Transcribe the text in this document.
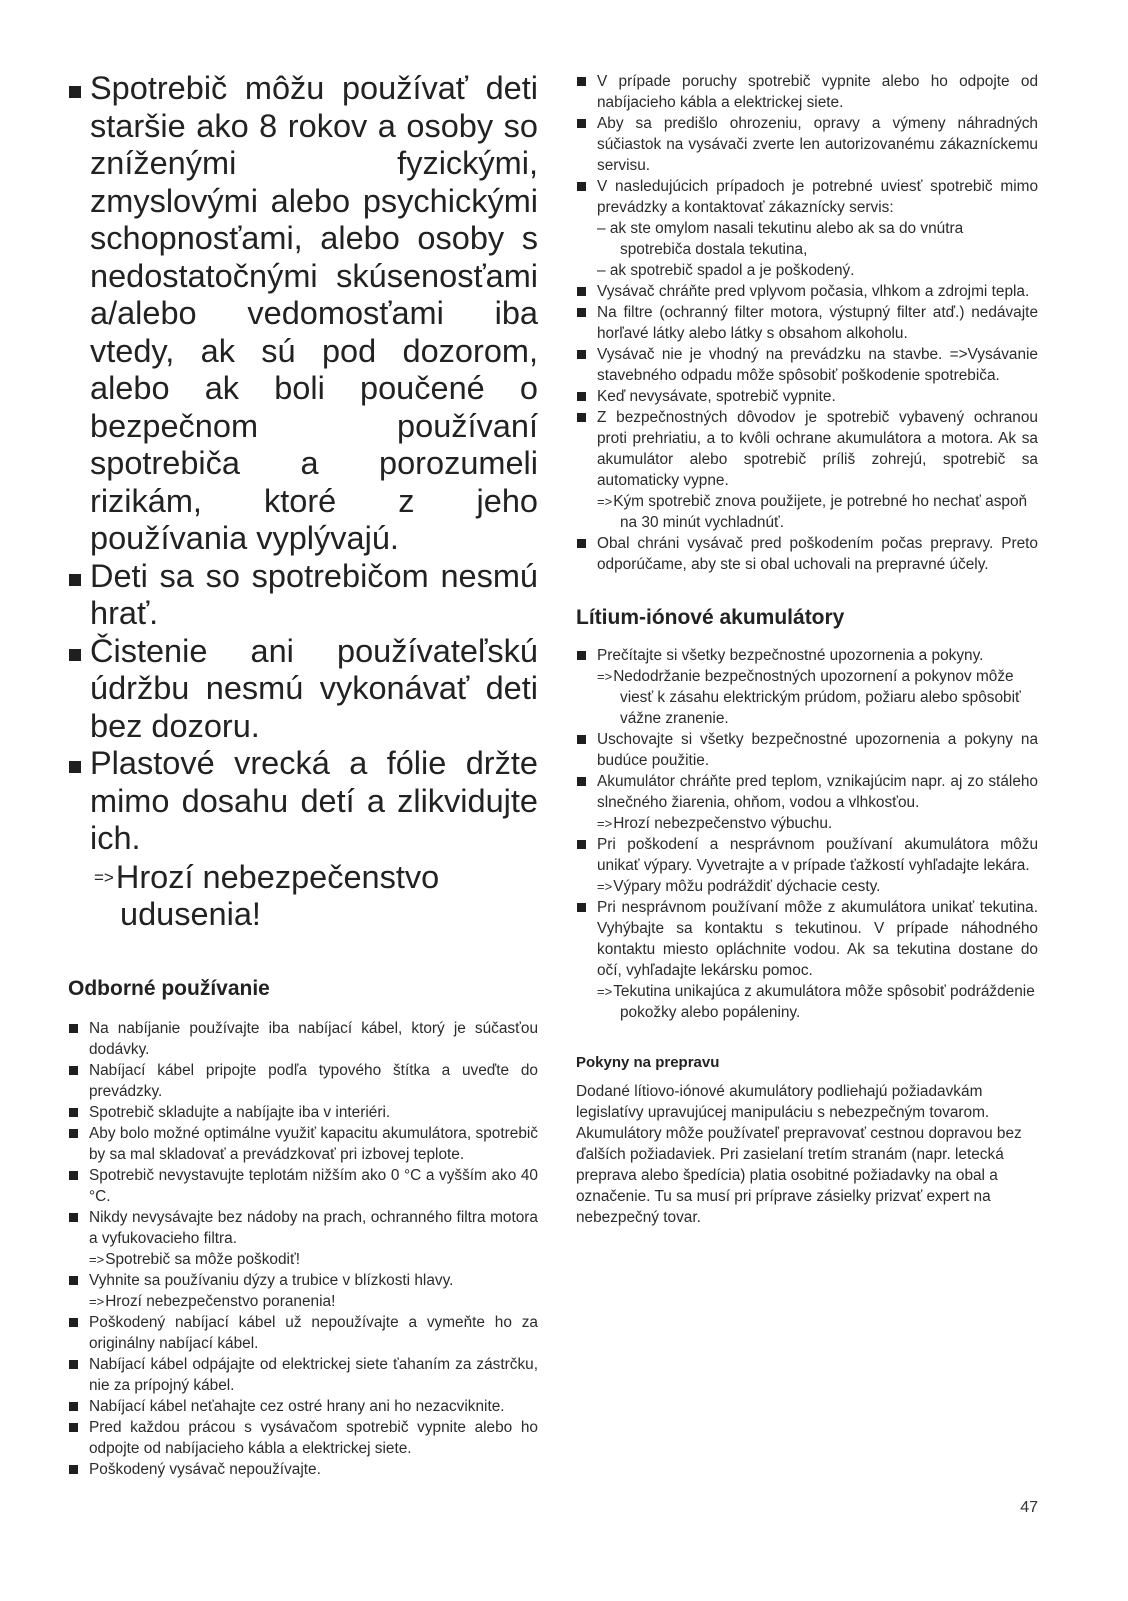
Spotrebič môžu používať deti staršie ako 8 rokov a osoby so zníženými fyzickými, zmyslovými alebo psychickými schopnosťami, alebo osoby s nedostatočnými skúsenosťami a/alebo vedomosťami iba vtedy, ak sú pod dozorom, alebo ak boli poučené o bezpečnom používaní spotrebiča a porozumeli rizikám, ktoré z jeho používania vyplývajú.
Deti sa so spotrebičom nesmú hrať.
Čistenie ani používateľskú údržbu nesmú vykonávať deti bez dozoru.
Plastové vrecká a fólie držte mimo dosahu detí a zlikvidujte ich.
=>Hrozí nebezpečenstvo udusenia!
Odborné používanie
Na nabíjanie používajte iba nabíjací kábel, ktorý je súčasťou dodávky.
Nabíjací kábel pripojte podľa typového štítka a uveďte do prevádzky.
Spotrebič skladujte a nabíjajte iba v interiéri.
Aby bolo možné optimálne využiť kapacitu akumulátora, spotrebič by sa mal skladovať a prevádzkovať pri izbovej teplote.
Spotrebič nevystavujte teplotám nižším ako 0 °C a vyšším ako 40 °C.
Nikdy nevysávajte bez nádoby na prach, ochranného filtra motora a vyfukovacieho filtra.
=>Spotrebič sa môže poškodiť!
Vyhnite sa používaniu dýzy a trubice v blízkosti hlavy.
=>Hrozí nebezpečenstvo poranenia!
Poškodený nabíjací kábel už nepoužívajte a vymeňte ho za originálny nabíjací kábel.
Nabíjací kábel odpájajte od elektrickej siete ťahaním za zástrčku, nie za prípojný kábel.
Nabíjací kábel neťahajte cez ostré hrany ani ho nezacviknite.
Pred každou prácou s vysávačom spotrebič vypnite alebo ho odpojte od nabíjacieho kábla a elektrickej siete.
Poškodený vysávač nepoužívajte.
V prípade poruchy spotrebič vypnite alebo ho odpojte od nabíjacieho kábla a elektrickej siete.
Aby sa predišlo ohrozeniu, opravy a výmeny náhradných súčiastok na vysávači zverte len autorizovanému zákazníckemu servisu.
V nasledujúcich prípadoch je potrebné uviesť spotrebič mimo prevádzky a kontaktovať zákaznícky servis:
– ak ste omylom nasali tekutinu alebo ak sa do vnútra spotrebiča dostala tekutina,
– ak spotrebič spadol a je poškodený.
Vysávač chráňte pred vplyvom počasia, vlhkom a zdrojmi tepla.
Na filtre (ochranný filter motora, výstupný filter atď.) nedávajte horľavé látky alebo látky s obsahom alkoholu.
Vysávač nie je vhodný na prevádzku na stavbe. =>Vysávanie stavebného odpadu môže spôsobiť poškodenie spotrebiča.
Keď nevysávate, spotrebič vypnite.
Z bezpečnostných dôvodov je spotrebič vybavený ochranou proti prehriatiu, a to kvôli ochrane akumulátora a motora. Ak sa akumulátor alebo spotrebič príliš zohrejú, spotrebič sa automaticky vypne.
=>Kým spotrebič znova použijete, je potrebné ho nechať aspoň na 30 minút vychladnúť.
Obal chráni vysávač pred poškodením počas prepravy. Preto odporúčame, aby ste si obal uchovali na prepravné účely.
Lítium-iónové akumulátory
Prečítajte si všetky bezpečnostné upozornenia a pokyny.
=>Nedodržanie bezpečnostných upozornení a pokynov môže viesť k zásahu elektrickým prúdom, požiaru alebo spôsobiť vážne zranenie.
Uschovajte si všetky bezpečnostné upozornenia a pokyny na budúce použitie.
Akumulátor chráňte pred teplom, vznikajúcim napr. aj zo stáleho slnečného žiarenia, ohňom, vodou a vlhkosťou.
=>Hrozí nebezpečenstvo výbuchu.
Pri poškodení a nesprávnom používaní akumulátora môžu unikať výpary. Vyvetrajte a v prípade ťažkostí vyhľadajte lekára.
=>Výpary môžu podráždiť dýchacie cesty.
Pri nesprávnom používaní môže z akumulátora unikať tekutina. Vyhýbajte sa kontaktu s tekutinou. V prípade náhodného kontaktu miesto opláchnite vodou. Ak sa tekutina dostane do očí, vyhľadajte lekársku pomoc.
=>Tekutina unikajúca z akumulátora môže spôsobiť podráždenie pokožky alebo popáleniny.
Pokyny na prepravu

Dodané lítiovo-iónové akumulátory podliehajú požiadavkám legislatívy upravujúcej manipuláciu s nebezpečným tovarom. Akumulátory môže používateľ prepravovať cestnou dopravou bez ďalších požiadaviek. Pri zasielaní tretím stranám (napr. letecká preprava alebo špedícia) platia osobitné požiadavky na obal a označenie. Tu sa musí pri príprave zásielky prizvať expert na nebezpečný tovar.

47
